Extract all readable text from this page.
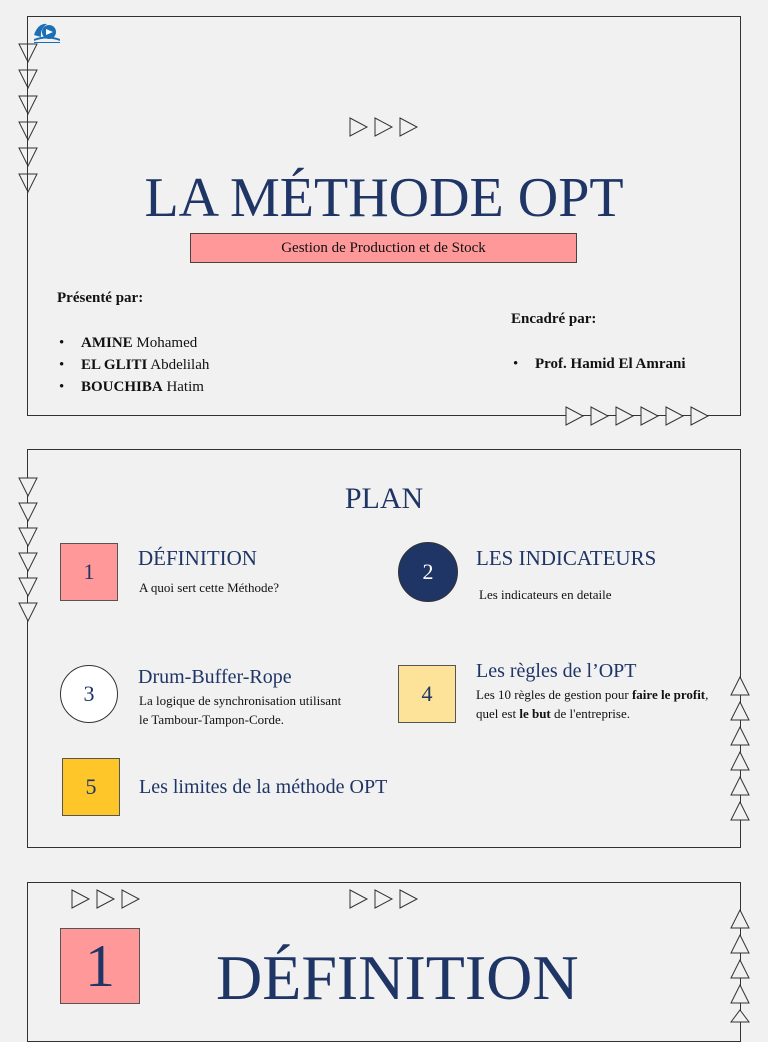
LA MÉTHODE OPT
Gestion de Production et de Stock
Présenté par:
• AMINE Mohamed
• EL GLITI Abdelilah
• BOUCHIBA Hatim
Encadré par:
• Prof. Hamid El Amrani
PLAN
1
DÉFINITION
A quoi sert cette Méthode?
2
LES INDICATEURS
Les indicateurs en detaile
3
Drum-Buffer-Rope
La logique de synchronisation utilisant le Tambour-Tampon-Corde.
4
Les règles de l’OPT
Les 10 règles de gestion pour faire le profit, quel est le but de l'entreprise.
5	Les limites de la méthode OPT
1	DÉFINITION
